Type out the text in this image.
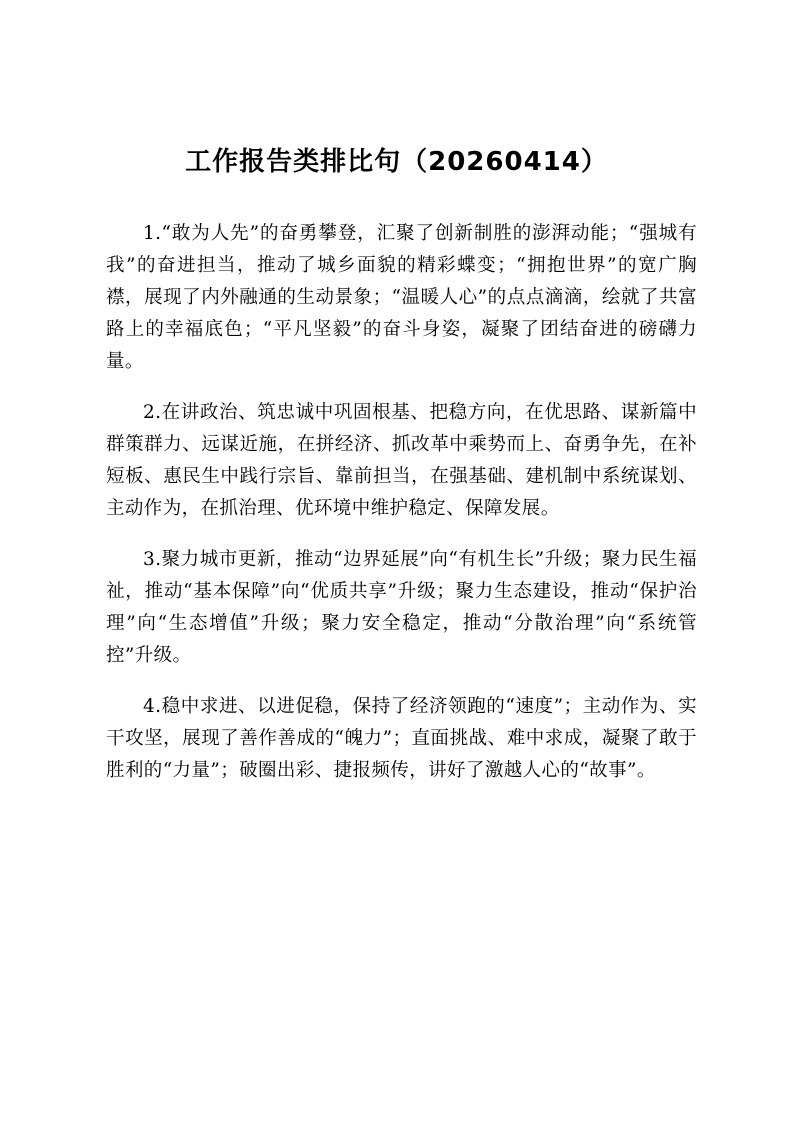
工作报告类排比句（20260414）

1.“敢为人先”的奋勇攀登，汇聚了创新制胜的澎湃动能；“强城有我”的奋进担当，推动了城乡面貌的精彩蝶变；“拥抱世界”的宽广胸襟，展现了内外融通的生动景象；“温暖人心”的点点滴滴，绘就了共富路上的幸福底色；“平凡坚毅”的奋斗身姿，凝聚了团结奋进的磅礴力量。

2.在讲政治、筑忠诚中巩固根基、把稳方向，在优思路、谋新篇中群策群力、远谋近施，在拼经济、抓改革中乘势而上、奋勇争先，在补短板、惠民生中践行宗旨、靠前担当，在强基础、建机制中系统谋划、主动作为，在抓治理、优环境中维护稳定、保障发展。

3.聚力城市更新，推动“边界延展”向“有机生长”升级；聚力民生福祉，推动“基本保障”向“优质共享”升级；聚力生态建设，推动“保护治理”向“生态增值”升级；聚力安全稳定，推动“分散治理”向“系统管控”升级。

4.稳中求进、以进促稳，保持了经济领跑的“速度”；主动作为、实干攻坚，展现了善作善成的“魄力”；直面挑战、难中求成，凝聚了敢于胜利的“力量”；破圈出彩、捷报频传，讲好了激越人心的“故事”。
